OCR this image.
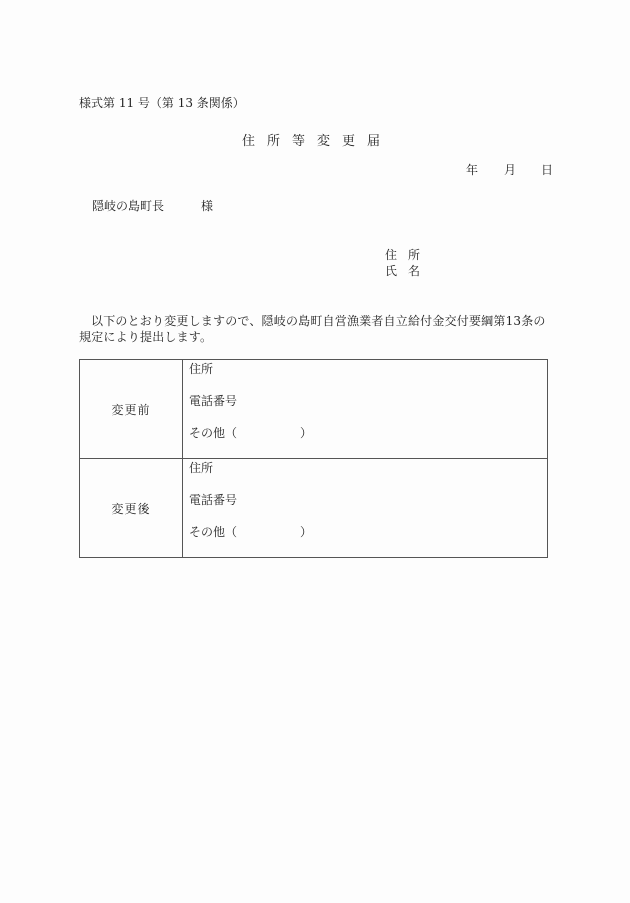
様式第 11 号（第 13 条関係）
住所等変更届
年 月 日
隠岐の島町長	様
住所
氏名
以下のとおり変更しますので、隠岐の島町自営漁業者自立給付金交付要綱第13条の規定により提出します。
変更前	住所
電話番号
その他（ ）

変更後	住所
電話番号
その他（ ）
